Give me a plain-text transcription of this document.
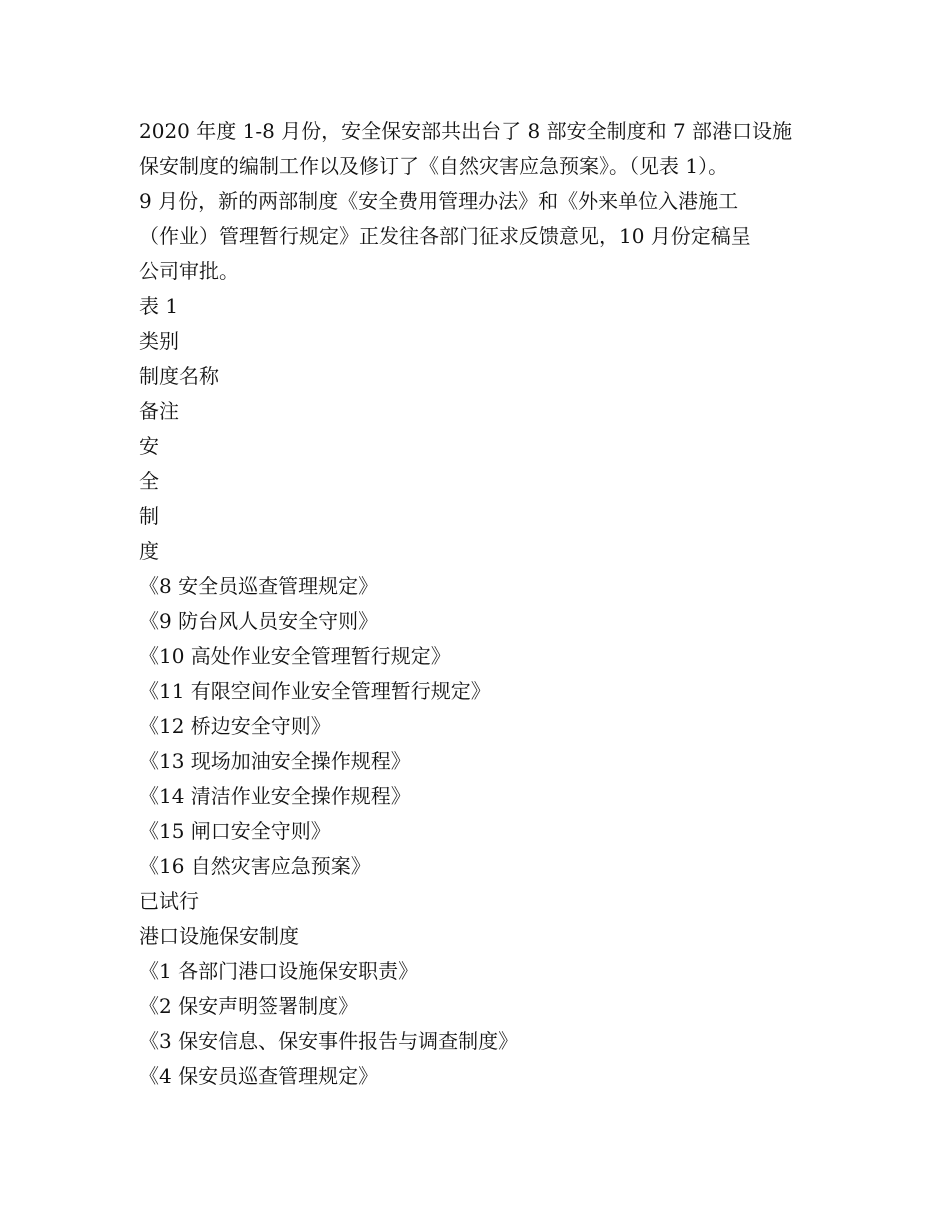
2020 年度 1-8 月份，安全保安部共出台了 8 部安全制度和 7 部港口设施

保安制度的编制工作以及修订了《自然灾害应急预案》。（见表 1）。

9 月份，新的两部制度《安全费用管理办法》和《外来单位入港施工

（作业）管理暂行规定》正发往各部门征求反馈意见，10 月份定稿呈

公司审批。

表 1

类别

制度名称

备注

安

全

制

度

《8 安全员巡查管理规定》

《9 防台风人员安全守则》

《10 高处作业安全管理暂行规定》

《11 有限空间作业安全管理暂行规定》

《12 桥边安全守则》

《13 现场加油安全操作规程》

《14 清洁作业安全操作规程》

《15 闸口安全守则》

《16 自然灾害应急预案》

已试行

港口设施保安制度

《1 各部门港口设施保安职责》

《2 保安声明签署制度》

《3 保安信息、保安事件报告与调查制度》

《4 保安员巡查管理规定》
